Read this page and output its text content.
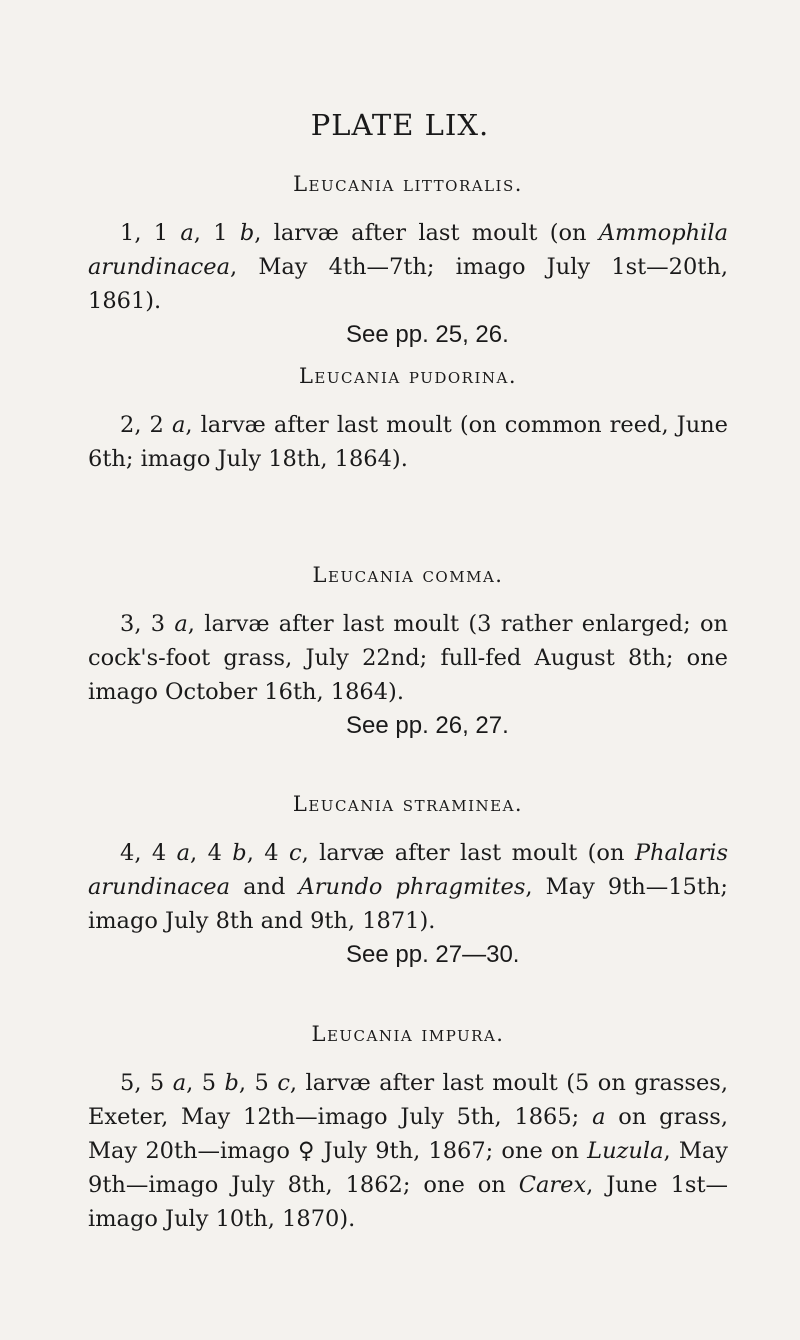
PLATE LIX.
Leucania littoralis.

1, 1 a, 1 b, larvæ after last moult (on Ammophila arundinacea, May 4th—7th; imago July 1st—20th, 1861).

See pp. 25, 26.

Leucania pudorina.

2, 2 a, larvæ after last moult (on common reed, June 6th; imago July 18th, 1864).

Leucania comma.

3, 3 a, larvæ after last moult (3 rather enlarged; on cock's-foot grass, July 22nd; full-fed August 8th; one imago October 16th, 1864).

See pp. 26, 27.

Leucania straminea.

4, 4 a, 4 b, 4 c, larvæ after last moult (on Phalaris arundinacea and Arundo phragmites, May 9th—15th; imago July 8th and 9th, 1871).

See pp. 27—30.

Leucania impura.

5, 5 a, 5 b, 5 c, larvæ after last moult (5 on grasses, Exeter, May 12th—imago July 5th, 1865; a on grass, May 20th—imago ♀ July 9th, 1867; one on Luzula, May 9th—imago July 8th, 1862; one on Carex, June 1st—imago July 10th, 1870).
